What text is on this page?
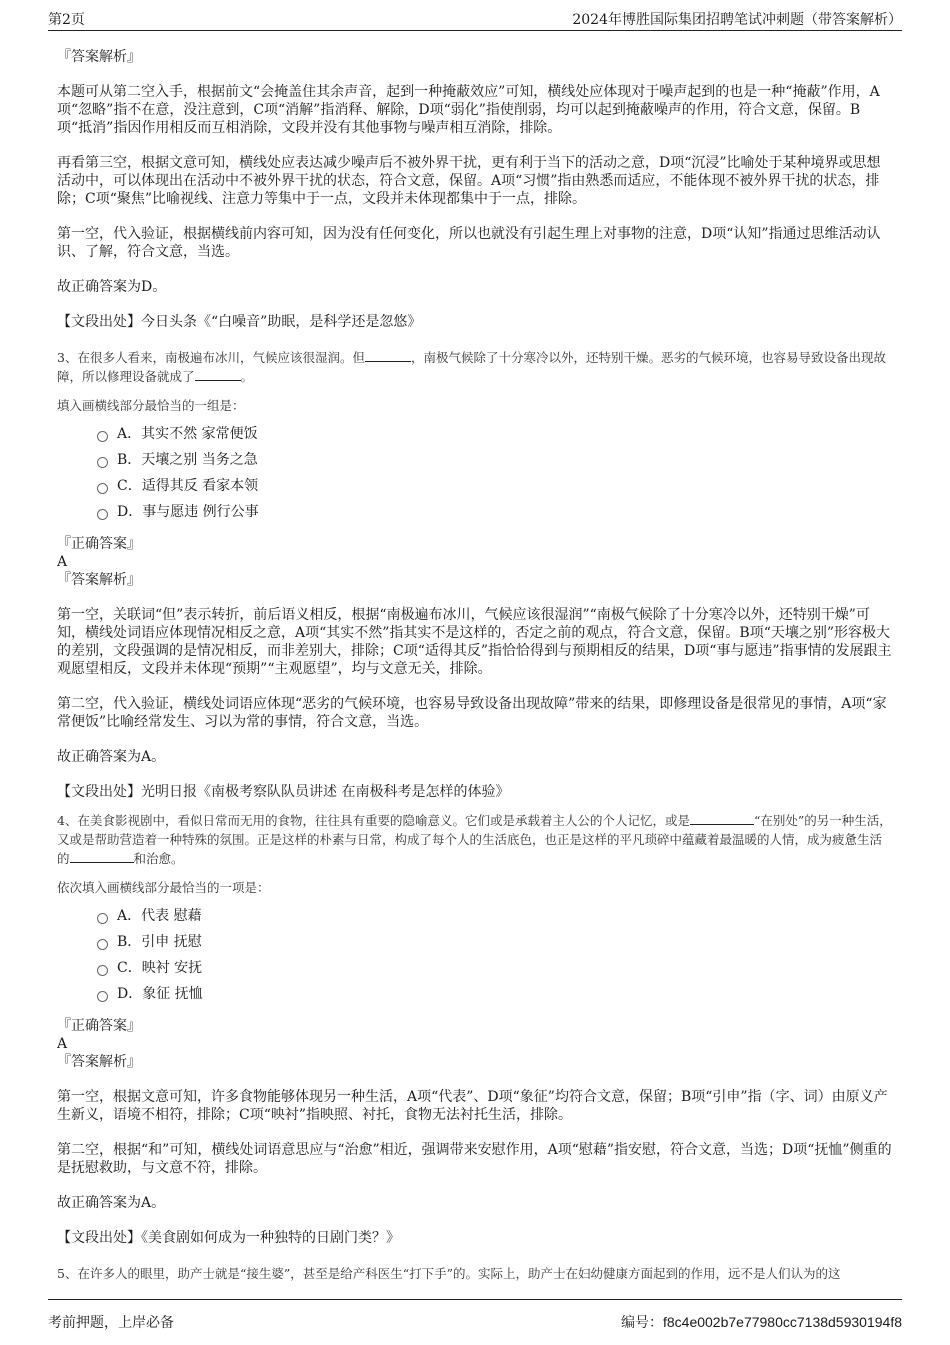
第2页	2024年博胜国际集团招聘笔试冲刺题（带答案解析）

『答案解析』

本题可从第二空入手，根据前文“会掩盖住其余声音，起到一种掩蔽效应”可知，横线处应体现对于噪声起到的也是一种“掩蔽”作用，A项“忽略”指不在意，没注意到，C项“消解”指消释、解除，D项“弱化”指使削弱，均可以起到掩蔽噪声的作用，符合文意，保留。B项“抵消”指因作用相反而互相消除，文段并没有其他事物与噪声相互消除，排除。

再看第三空，根据文意可知，横线处应表达减少噪声后不被外界干扰，更有利于当下的活动之意，D项“沉浸”比喻处于某种境界或思想活动中，可以体现出在活动中不被外界干扰的状态，符合文意，保留。A项“习惯”指由熟悉而适应，不能体现不被外界干扰的状态，排除；C项“聚焦”比喻视线、注意力等集中于一点，文段并未体现都集中于一点，排除。

第一空，代入验证，根据横线前内容可知，因为没有任何变化，所以也就没有引起生理上对事物的注意，D项“认知”指通过思维活动认识、了解，符合文意，当选。

故正确答案为D。

【文段出处】今日头条《“白噪音”助眠，是科学还是忽悠》

3、在很多人看来，南极遍布冰川，气候应该很湿润。但	，南极气候除了十分寒冷以外，还特别干燥。恶劣的气候环境，也容易导致设备出现故障，所以修理设备就成了	。

填入画横线部分最恰当的一组是：

A．其实不然 家常便饭
B．天壤之别 当务之急
C．适得其反 看家本领
D．事与愿违 例行公事

『正确答案』

A

『答案解析』

第一空，关联词“但”表示转折，前后语义相反，根据“南极遍布冰川，气候应该很湿润”“南极气候除了十分寒冷以外，还特别干燥”可知，横线处词语应体现情况相反之意，A项“其实不然”指其实不是这样的，否定之前的观点，符合文意，保留。B项“天壤之别”形容极大的差别，文段强调的是情况相反，而非差别大，排除；C项“适得其反”指恰恰得到与预期相反的结果，D项“事与愿违”指事情的发展跟主观愿望相反，文段并未体现“预期”“主观愿望”，均与文意无关，排除。

第二空，代入验证，横线处词语应体现“恶劣的气候环境，也容易导致设备出现故障”带来的结果，即修理设备是很常见的事情，A项“家常便饭”比喻经常发生、习以为常的事情，符合文意，当选。

故正确答案为A。

【文段出处】光明日报《南极考察队队员讲述 在南极科考是怎样的体验》

4、在美食影视剧中，看似日常而无用的食物，往往具有重要的隐喻意义。它们或是承载着主人公的个人记忆，或是	“在别处”的另一种生活，又或是帮助营造着一种特殊的氛围。正是这样的朴素与日常，构成了每个人的生活底色，也正是这样的平凡琐碎中蕴藏着最温暖的人情，成为疲惫生活的	和治愈。

依次填入画横线部分最恰当的一项是：

A．代表 慰藉
B．引申 抚慰
C．映衬 安抚
D．象征 抚恤

『正确答案』

A

『答案解析』

第一空，根据文意可知，许多食物能够体现另一种生活，A项“代表”、D项“象征”均符合文意，保留；B项“引申”指（字、词）由原义产生新义，语境不相符，排除；C项“映衬”指映照、衬托，食物无法衬托生活，排除。

第二空，根据“和”可知，横线处词语意思应与“治愈”相近，强调带来安慰作用，A项“慰藉”指安慰，符合文意，当选；D项“抚恤”侧重的是抚慰救助，与文意不符，排除。

故正确答案为A。

【文段出处】《美食剧如何成为一种独特的日剧门类？》

5、在许多人的眼里，助产士就是“接生婆”，甚至是给产科医生“打下手”的。实际上，助产士在妇幼健康方面起到的作用，远不是人们认为的这

考前押题，上岸必备	编号：f8c4e002b7e77980cc7138d5930194f8
